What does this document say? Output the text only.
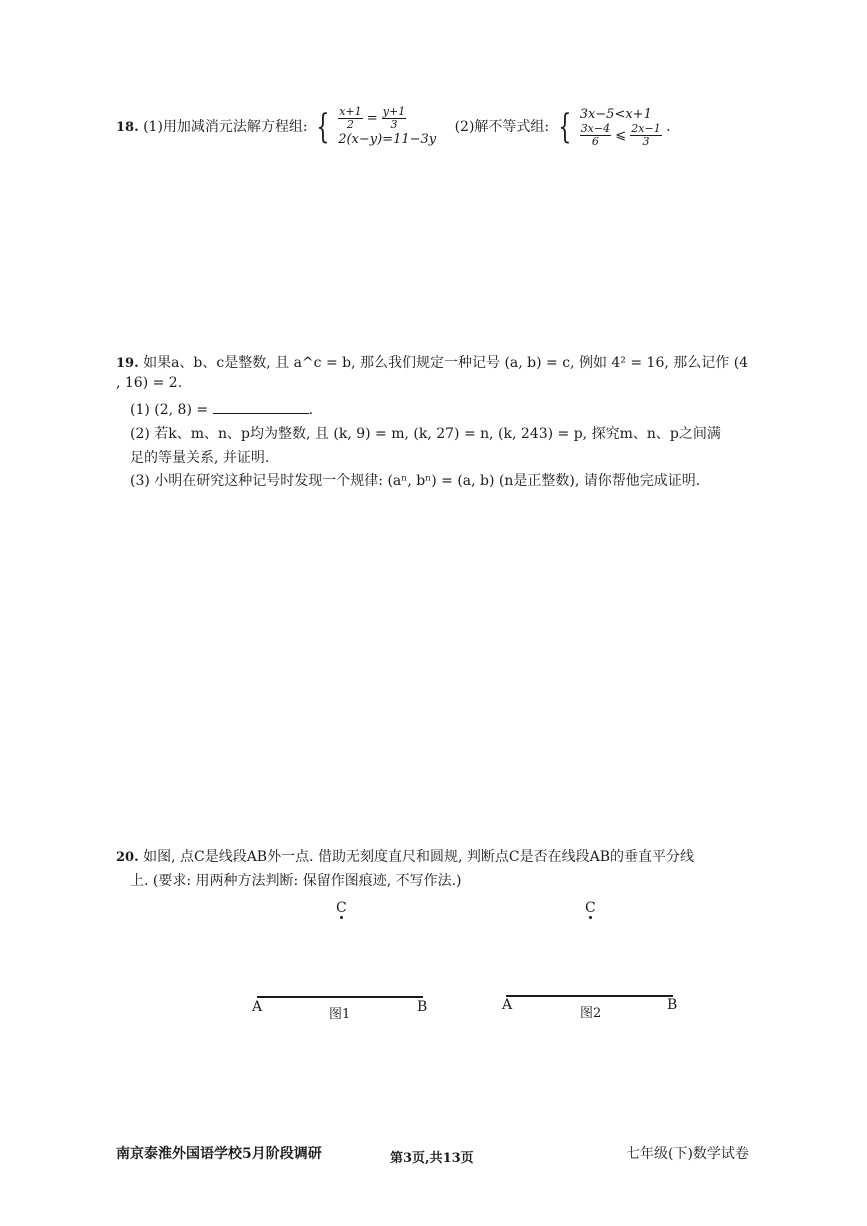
18. (1)用加减消元法解方程组: { $\frac{x+1}{2} = \frac{y+1}{3}$
2(x−y)=11−3y
(2)解不等式组: { 3x−5<x+1
$\frac{3x-4}{6}$ ⩽ $\frac{2x-1}{3}$ .
19. 如果a、b、c是整数, 且 a^c = b, 那么我们规定一种记号 (a, b) = c, 例如 4² = 16, 那么记作 (4
, 16) = 2.
(1) (2, 8) =	.
(2) 若k、m、n、p均为整数, 且 (k, 9) = m, (k, 27) = n, (k, 243) = p, 探究m、n、p之间满
足的等量关系, 并证明.
(3) 小明在研究这种记号时发现一个规律: (aⁿ, bⁿ) = (a, b) (n是正整数), 请你帮他完成证明.
20. 如图, 点C是线段AB外一点. 借助无刻度直尺和圆规, 判断点C是否在线段AB的垂直平分线
上. (要求: 用两种方法判断: 保留作图痕迹, 不写作法.)
C
A	B
图1
C
A	B
图2
南京泰淮外国语学校5月阶段调研	第3页,共13页	七年级(下)数学试卷
